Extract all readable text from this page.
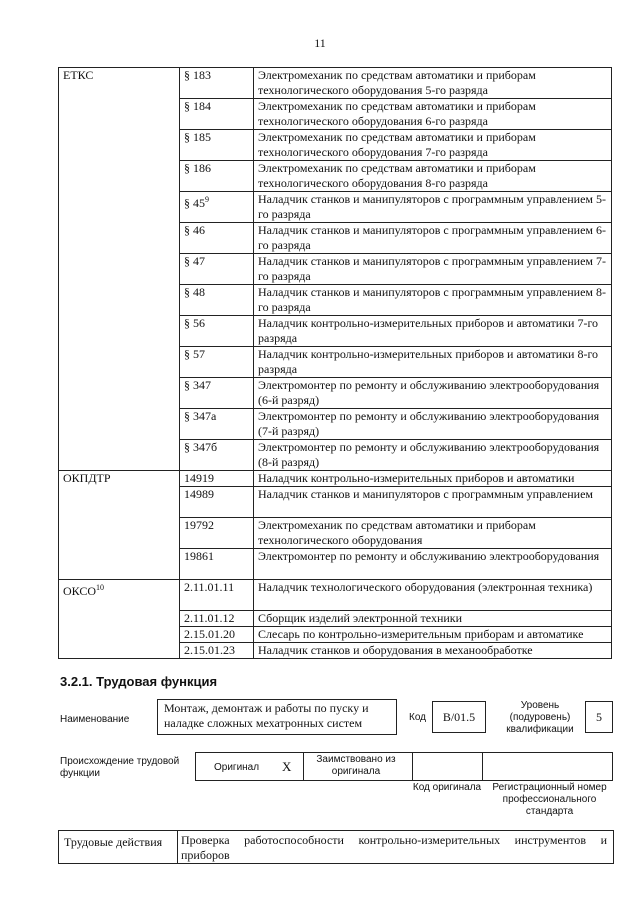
11
ЕТКС	§ 183	Электромеханик по средствам автоматики и приборам технологического оборудования 5-го разряда
	§ 184	Электромеханик по средствам автоматики и приборам технологического оборудования 6-го разряда
	§ 185	Электромеханик по средствам автоматики и приборам технологического оборудования 7-го разряда
	§ 186	Электромеханик по средствам автоматики и приборам технологического оборудования 8-го разряда
	§ $45^9$	Наладчик станков и манипуляторов с программным управлением 5-го разряда
	§ 46	Наладчик станков и манипуляторов с программным управлением 6-го разряда
	§ 47	Наладчик станков и манипуляторов с программным управлением 7-го разряда
	§ 48	Наладчик станков и манипуляторов с программным управлением 8-го разряда
	§ 56	Наладчик контрольно-измерительных приборов и автоматики 7-го разряда
	§ 57	Наладчик контрольно-измерительных приборов и автоматики 8-го разряда
	§ 347	Электромонтер по ремонту и обслуживанию электрооборудования (6-й разряд)
	§ 347а	Электромонтер по ремонту и обслуживанию электрооборудования (7-й разряд)
	§ 347б	Электромонтер по ремонту и обслуживанию электрооборудования (8-й разряд)
ОКПДТР	14919	Наладчик контрольно-измерительных приборов и автоматики
	14989	Наладчик станков и манипуляторов с программным управлением
	19792	Электромеханик по средствам автоматики и приборам технологического оборудования
	19861	Электромонтер по ремонту и обслуживанию электрооборудования
ОКСО$^{10}$	2.11.01.11	Наладчик технологического оборудования (электронная техника)
	2.11.01.12	Сборщик изделий электронной техники
	2.15.01.20	Слесарь по контрольно-измерительным приборам и автоматике
	2.15.01.23	Наладчик станков и оборудования в механообработке
3.2.1. Трудовая функция
Наименование
Монтаж, демонтаж и работы по пуску и наладке сложных мехатронных систем	Код	B/01.5
Уровень (подуровень) квалификации
5
Происхождение трудовой функции
Оригинал X	Заимствовано из оригинала
Код оригинала	Регистрационный номер профессионального стандарта
Трудовые действия Проверка работоспособности контрольно-измерительных инструментов и приборов
